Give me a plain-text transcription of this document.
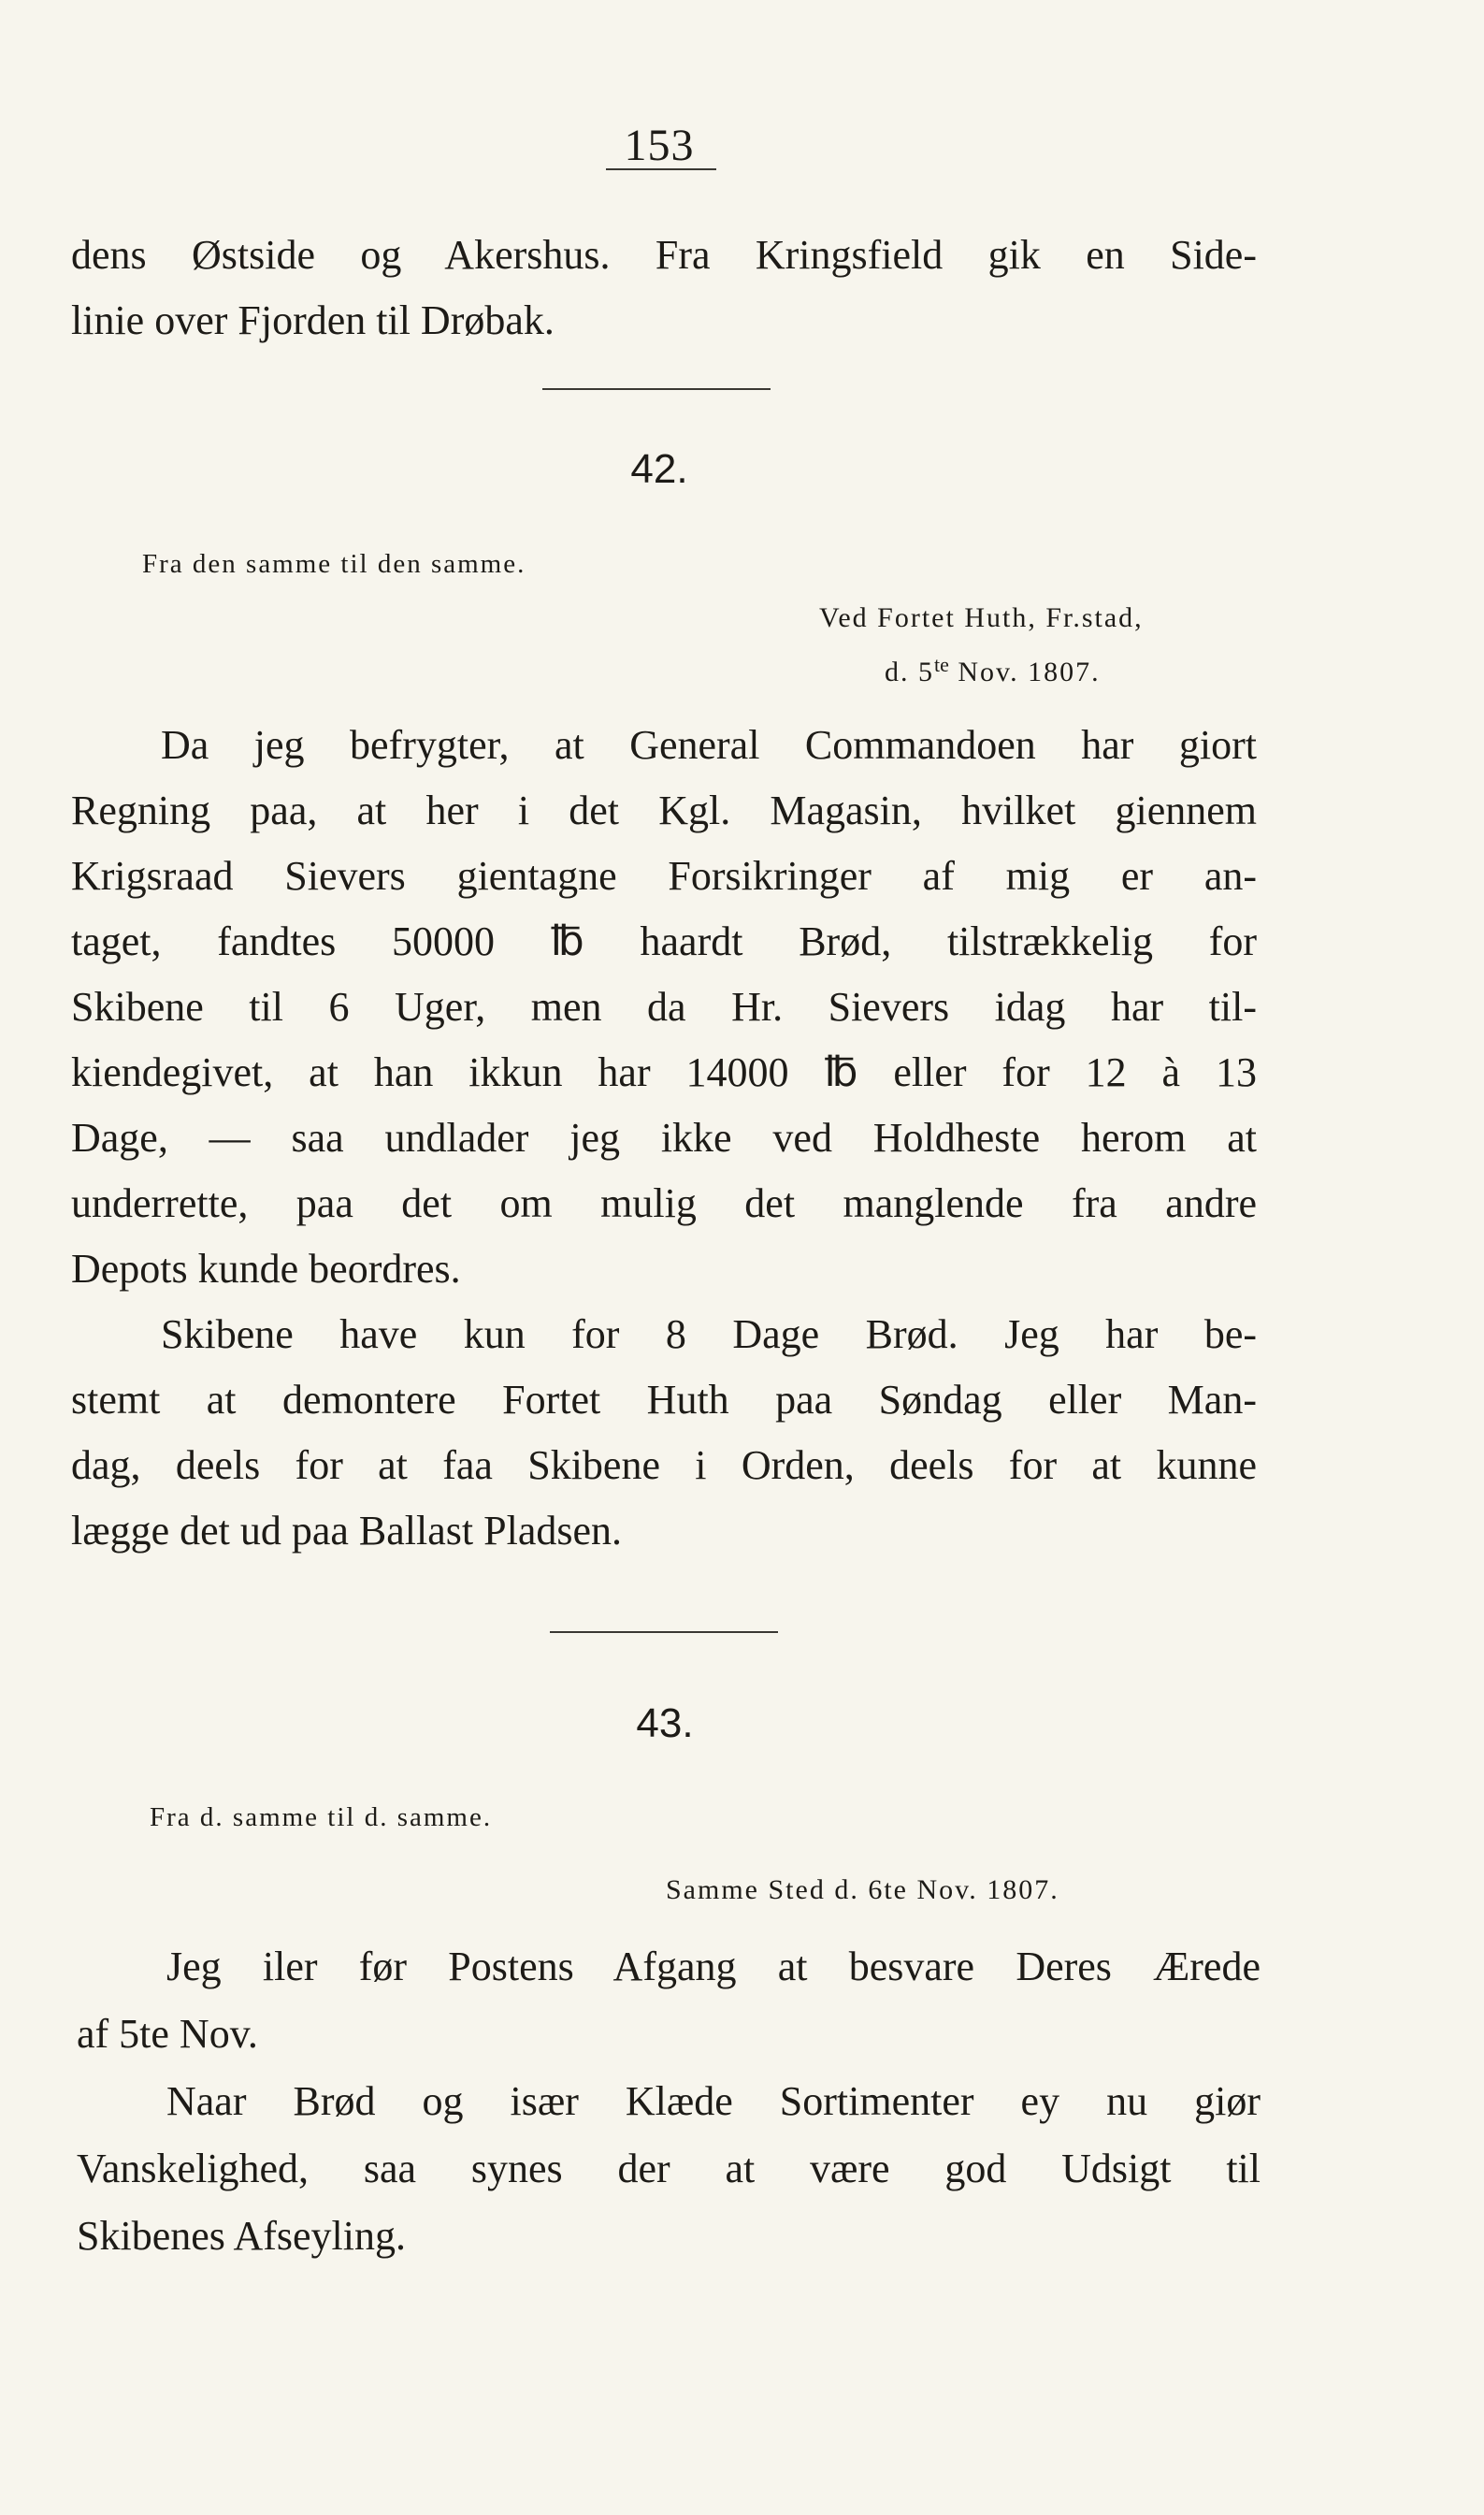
153
dens Østside og Akershus. Fra Kringsfield gik en Side-
linie over Fjorden til Drøbak.
42.
Fra den samme til den samme.
Ved Fortet Huth, Fr.stad,
d. $5^{te}$ Nov. 1807.
Da jeg befrygter, at General Commandoen har giort
Regning paa, at her i det Kgl. Magasin, hvilket giennem
Krigsraad Sievers gientagne Forsikringer af mig er an-
taget, fandtes 50000 ℔ haardt Brød, tilstrækkelig for
Skibene til 6 Uger, men da Hr. Sievers idag har til-
kiendegivet, at han ikkun har 14000 ℔ eller for 12 à 13
Dage, — saa undlader jeg ikke ved Holdheste herom at
underrette, paa det om mulig det manglende fra andre
Depots kunde beordres.
Skibene have kun for 8 Dage Brød. Jeg har be-
stemt at demontere Fortet Huth paa Søndag eller Man-
dag, deels for at faa Skibene i Orden, deels for at kunne
lægge det ud paa Ballast Pladsen.
43.
Fra d. samme til d. samme.
Samme Sted d. 6te Nov. 1807.
Jeg iler før Postens Afgang at besvare Deres Ærede
af 5te Nov.
Naar Brød og især Klæde Sortimenter ey nu giør
Vanskelighed, saa synes der at være god Udsigt til
Skibenes Afseyling.
